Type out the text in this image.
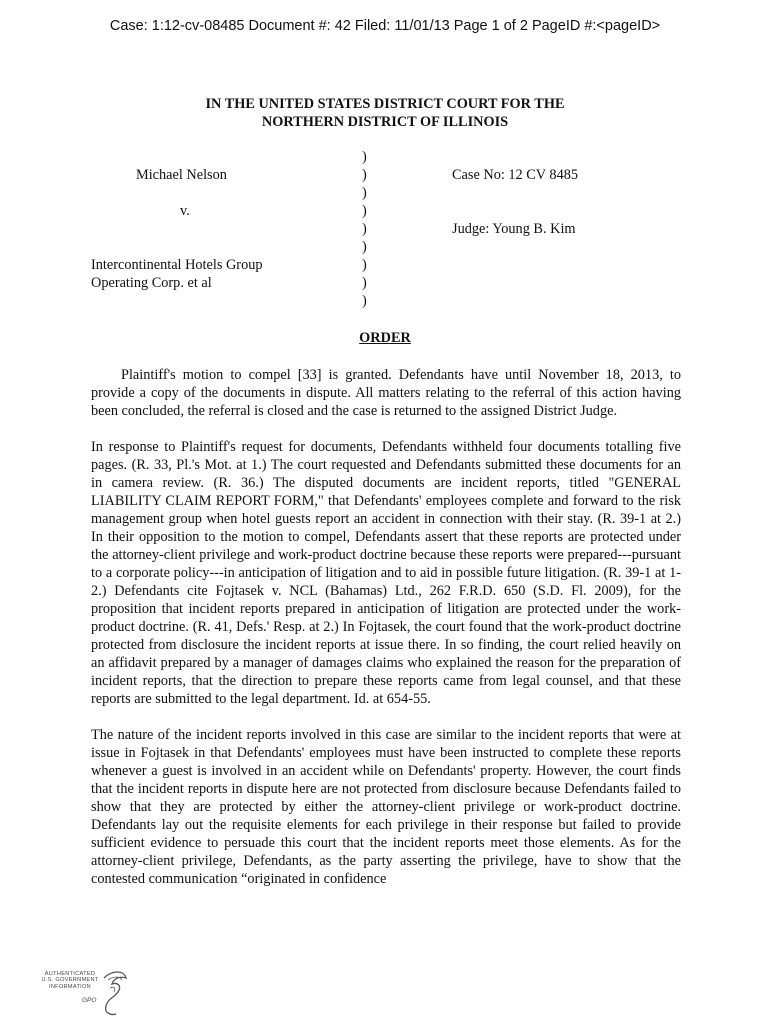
Case: 1:12-cv-08485 Document #: 42 Filed: 11/01/13 Page 1 of 2 PageID #:<pageID>
IN THE UNITED STATES DISTRICT COURT FOR THE
NORTHERN DISTRICT OF ILLINOIS
)
)
)
)
)
)
)
)
)
Michael Nelson
v.
Intercontinental Hotels Group
Operating Corp. et al
Case No: 12 CV 8485
Judge: Young B. Kim
ORDER

Plaintiff's motion to compel [33] is granted. Defendants have until November 18, 2013, to provide a copy of the documents in dispute. All matters relating to the referral of this action having been concluded, the referral is closed and the case is returned to the assigned District Judge.

In response to Plaintiff's request for documents, Defendants withheld four documents totalling five pages. (R. 33, Pl.'s Mot. at 1.) The court requested and Defendants submitted these documents for an in camera review. (R. 36.) The disputed documents are incident reports, titled "GENERAL LIABILITY CLAIM REPORT FORM," that Defendants' employees complete and forward to the risk management group when hotel guests report an accident in connection with their stay. (R. 39-1 at 2.) In their opposition to the motion to compel, Defendants assert that these reports are protected under the attorney-client privilege and work-product doctrine because these reports were prepared---pursuant to a corporate policy---in anticipation of litigation and to aid in possible future litigation. (R. 39-1 at 1-2.) Defendants cite Fojtasek v. NCL (Bahamas) Ltd., 262 F.R.D. 650 (S.D. Fl. 2009), for the proposition that incident reports prepared in anticipation of litigation are protected under the work-product doctrine. (R. 41, Defs.' Resp. at 2.) In Fojtasek, the court found that the work-product doctrine protected from disclosure the incident reports at issue there. In so finding, the court relied heavily on an affidavit prepared by a manager of damages claims who explained the reason for the preparation of incident reports, that the direction to prepare these reports came from legal counsel, and that these reports are submitted to the legal department. Id. at 654-55.

The nature of the incident reports involved in this case are similar to the incident reports that were at issue in Fojtasek in that Defendants' employees must have been instructed to complete these reports whenever a guest is involved in an accident while on Defendants' property. However, the court finds that the incident reports in dispute here are not protected from disclosure because Defendants failed to show that they are protected by either the attorney-client privilege or work-product doctrine. Defendants lay out the requisite elements for each privilege in their response but failed to provide sufficient evidence to persuade this court that the incident reports meet those elements. As for the attorney-client privilege, Defendants, as the party asserting the privilege, have to show that the contested communication “originated in confidence

AUTHENTICATED
U.S. GOVERNMENT
INFORMATION
GPO
